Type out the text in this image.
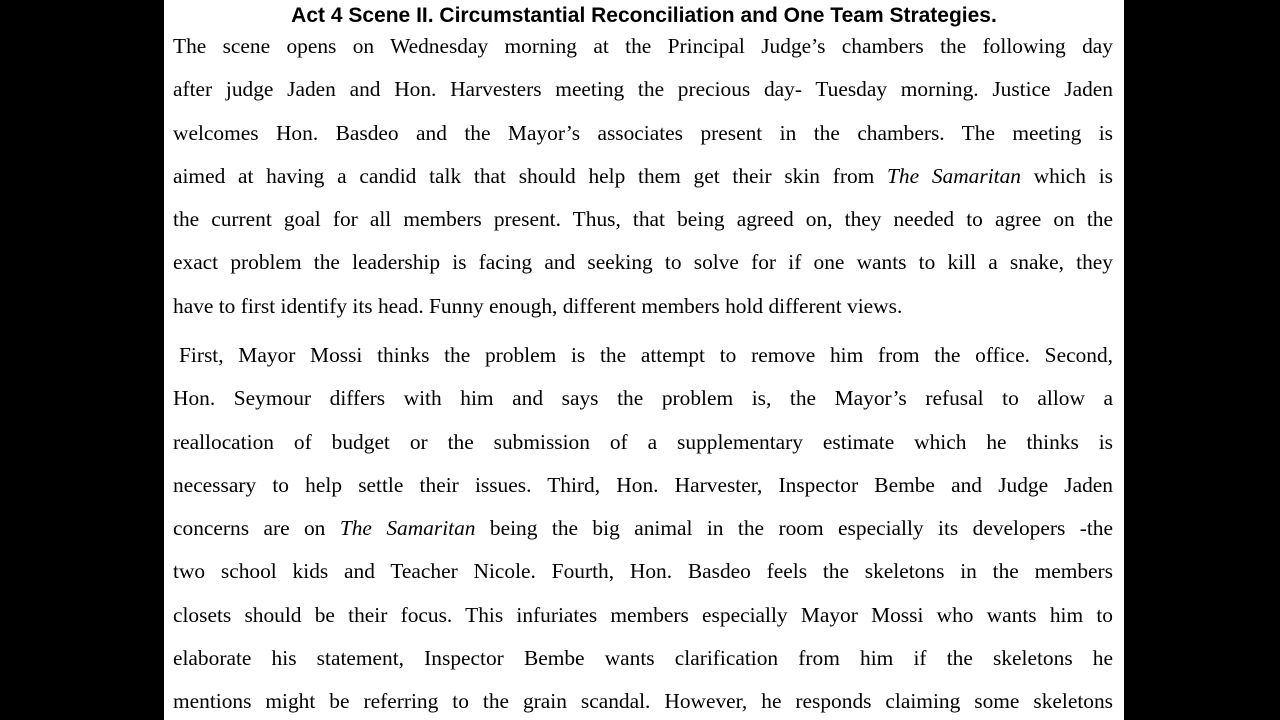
Act 4 Scene II. Circumstantial Reconciliation and One Team Strategies.

The scene opens on Wednesday morning at the Principal Judge’s chambers the following day
after judge Jaden and Hon. Harvesters meeting the precious day- Tuesday morning. Justice Jaden
welcomes Hon. Basdeo and the Mayor’s associates present in the chambers. The meeting is
aimed at having a candid talk that should help them get their skin from The Samaritan which is
the current goal for all members present. Thus, that being agreed on, they needed to agree on the
exact problem the leadership is facing and seeking to solve for if one wants to kill a snake, they
have to first identify its head. Funny enough, different members hold different views.

First, Mayor Mossi thinks the problem is the attempt to remove him from the office. Second,
Hon. Seymour differs with him and says the problem is, the Mayor’s refusal to allow a
reallocation of budget or the submission of a supplementary estimate which he thinks is
necessary to help settle their issues. Third, Hon. Harvester, Inspector Bembe and Judge Jaden
concerns are on The Samaritan being the big animal in the room especially its developers -the
two school kids and Teacher Nicole. Fourth, Hon. Basdeo feels the skeletons in the members
closets should be their focus. This infuriates members especially Mayor Mossi who wants him to
elaborate his statement, Inspector Bembe wants clarification from him if the skeletons he
mentions might be referring to the grain scandal. However, he responds claiming some skeletons
